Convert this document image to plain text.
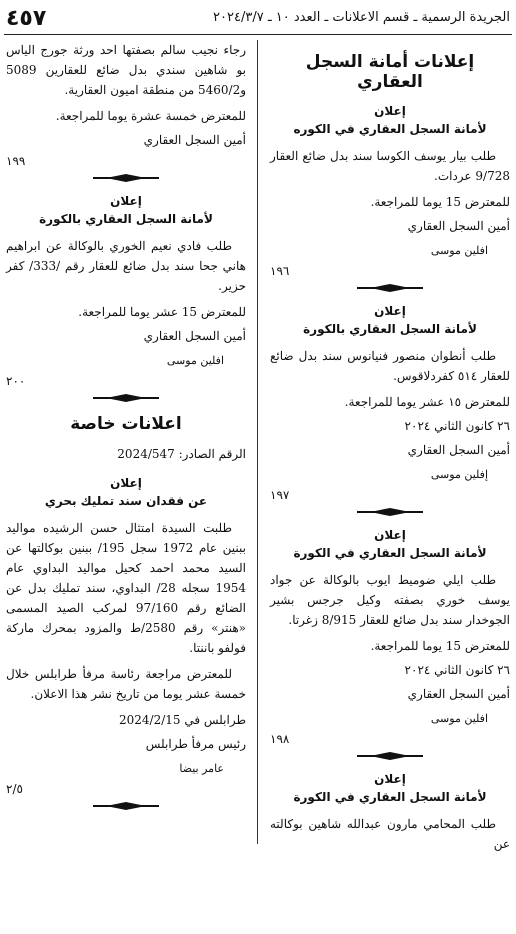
الجريدة الرسمية ـ قسم الاعلانات ـ العدد ١٠ ـ ٢٠٢٤/٣/٧
٤٥٧
إعلانات أمانة السجل العقاري
إعلان
لأمانة السجل العقاري في الكوره

طلب بيار يوسف الكوسا سند بدل ضائع العقار 9/728 عردات.

للمعترض 15 يوما للمراجعة.

أمين السجل العقاري

افلين موسى

١٩٦
إعلان
لأمانة السجل العقاري بالكورة

طلب أنطوان منصور فنيانوس سند بدل ضائع للعقار ٥١٤ كفردلاقوس.

للمعترض ١٥ عشر يوما للمراجعة.

٢٦ كانون الثاني ٢٠٢٤

أمين السجل العقاري

إفلين موسى

١٩٧
إعلان
لأمانة السجل العقاري في الكورة

طلب ايلي ضوميط ايوب بالوكالة عن جواد يوسف خوري بصفته وكيل جرجس بشير الجوخدار سند بدل ضائع للعقار 8/915 زغرتا.

للمعترض 15 يوما للمراجعة.

٢٦ كانون الثاني ٢٠٢٤

أمين السجل العقاري

افلين موسى

١٩٨
إعلان
لأمانة السجل العقاري في الكورة

طلب المحامي مارون عبدالله شاهين بوكالته عن

رجاء نجيب سالم بصفتها احد ورثة جورج الياس بو شاهين سندي بدل ضائع للعقارين 5089 و5460/2 من منطقة اميون العقارية.

للمعترض خمسة عشرة يوما للمراجعة.

أمين السجل العقاري

١٩٩
إعلان
لأمانة السجل العقاري بالكورة

طلب فادي نعيم الخوري بالوكالة عن ابراهيم هاني جحا سند بدل ضائع للعقار رقم /333/ كفر حزير.

للمعترض 15 عشر يوما للمراجعة.

أمين السجل العقاري

افلين موسى

٢٠٠
اعلانات خاصة

الرقم الصادر: 2024/547

إعلان
عن فقدان سند تمليك بحري

طلبت السيدة امتثال حسن الرشيده مواليد ببنين عام 1972 سجل 195/ ببنين بوكالتها عن السيد محمد احمد كحيل مواليد البداوي عام 1954 سجله 28/ البداوي، سند تمليك بدل عن الضائع رقم 97/160 لمركب الصيد المسمى «هنتر» رقم 2580/ط والمزود بمحرك ماركة فولفو باننتا.

للمعترض مراجعة رئاسة مرفأ طرابلس خلال خمسة عشر يوما من تاريخ نشر هذا الاعلان.

طرابلس في 2024/2/15

رئيس مرفأ طرابلس

عامر بيضا

٢/٥
